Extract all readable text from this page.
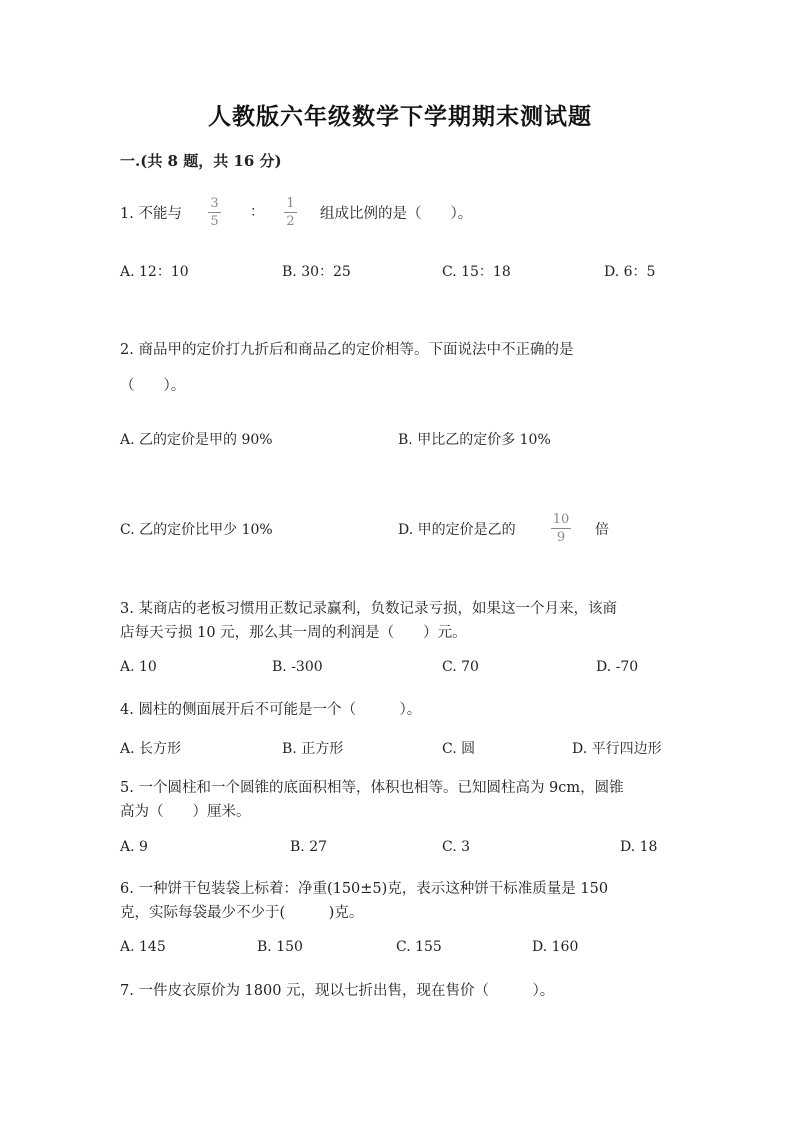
人教版六年级数学下学期期末测试题
一.(共 8 题，共 16 分)
1. 不能与
3
5
：
1
2 组成比例的是（　　）。
A. 12：10	B. 30：25	C. 15：18	D. 6：5
2. 商品甲的定价打九折后和商品乙的定价相等。下面说法中不正确的是
（　　）。
A. 乙的定价是甲的 90%	B. 甲比乙的定价多 10%
C. 乙的定价比甲少 10%	D. 甲的定价是乙的
10
9 倍
3. 某商店的老板习惯用正数记录赢利，负数记录亏损，如果这一个月来，该商
店每天亏损 10 元，那么其一周的利润是（　　）元。
A. 10	B. -300	C. 70	D. -70
4. 圆柱的侧面展开后不可能是一个（　　　）。
A. 长方形	B. 正方形	C. 圆	D. 平行四边形
5. 一个圆柱和一个圆锥的底面积相等，体积也相等。已知圆柱高为 9cm，圆锥
高为（　　）厘米。
A. 9	B. 27	C. 3	D. 18
6. 一种饼干包装袋上标着：净重(150±5)克，表示这种饼干标准质量是 150
克，实际每袋最少不少于(　　　)克。
A. 145	B. 150	C. 155	D. 160
7. 一件皮衣原价为 1800 元，现以七折出售，现在售价（　　　）。
